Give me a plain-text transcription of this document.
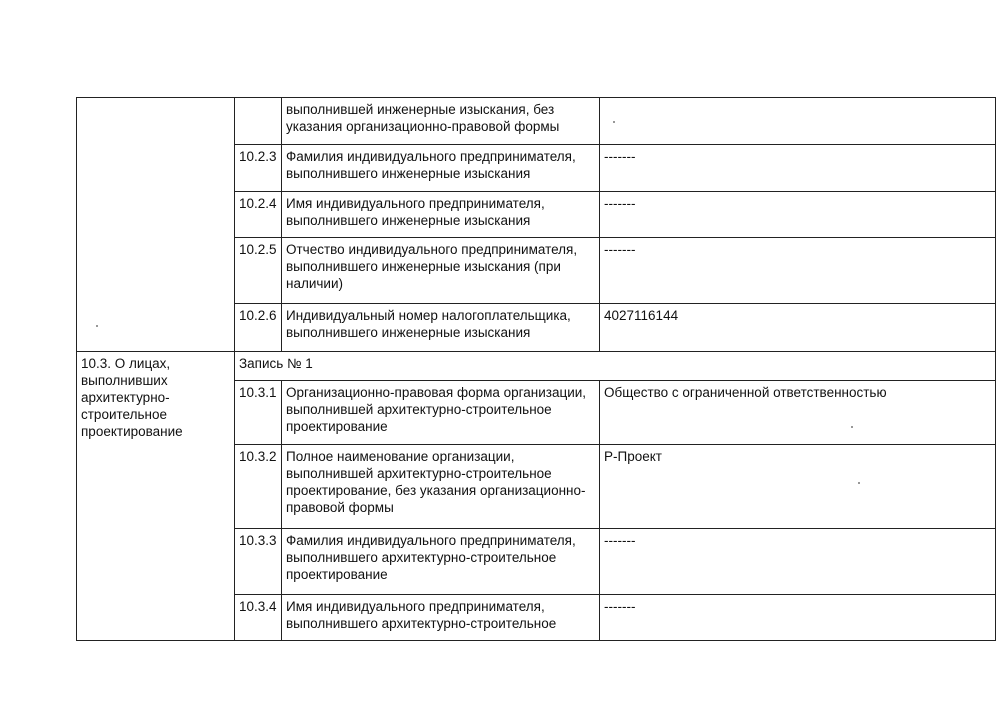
		выполнившей инженерные изыскания, без указания организационно-правовой формы	
	10.2.3	Фамилия индивидуального предпринимателя, выполнившего инженерные изыскания	-------
	10.2.4	Имя индивидуального предпринимателя, выполнившего инженерные изыскания	-------
	10.2.5	Отчество индивидуального предпринимателя, выполнившего инженерные изыскания (при наличии)	-------
	10.2.6	Индивидуальный номер налогоплательщика, выполнившего инженерные изыскания	4027116144
10.3. О лицах, выполнивших архитектурно-строительное проектирование	Запись № 1		
	10.3.1	Организационно-правовая форма организации, выполнившей архитектурно-строительное проектирование	Общество с ограниченной ответственностью
	10.3.2	Полное наименование организации, выполнившей архитектурно-строительное проектирование, без указания организационно-правовой формы	Р-Проект
	10.3.3	Фамилия индивидуального предпринимателя, выполнившего архитектурно-строительное проектирование	-------
	10.3.4	Имя индивидуального предпринимателя, выполнившего архитектурно-строительное	-------
